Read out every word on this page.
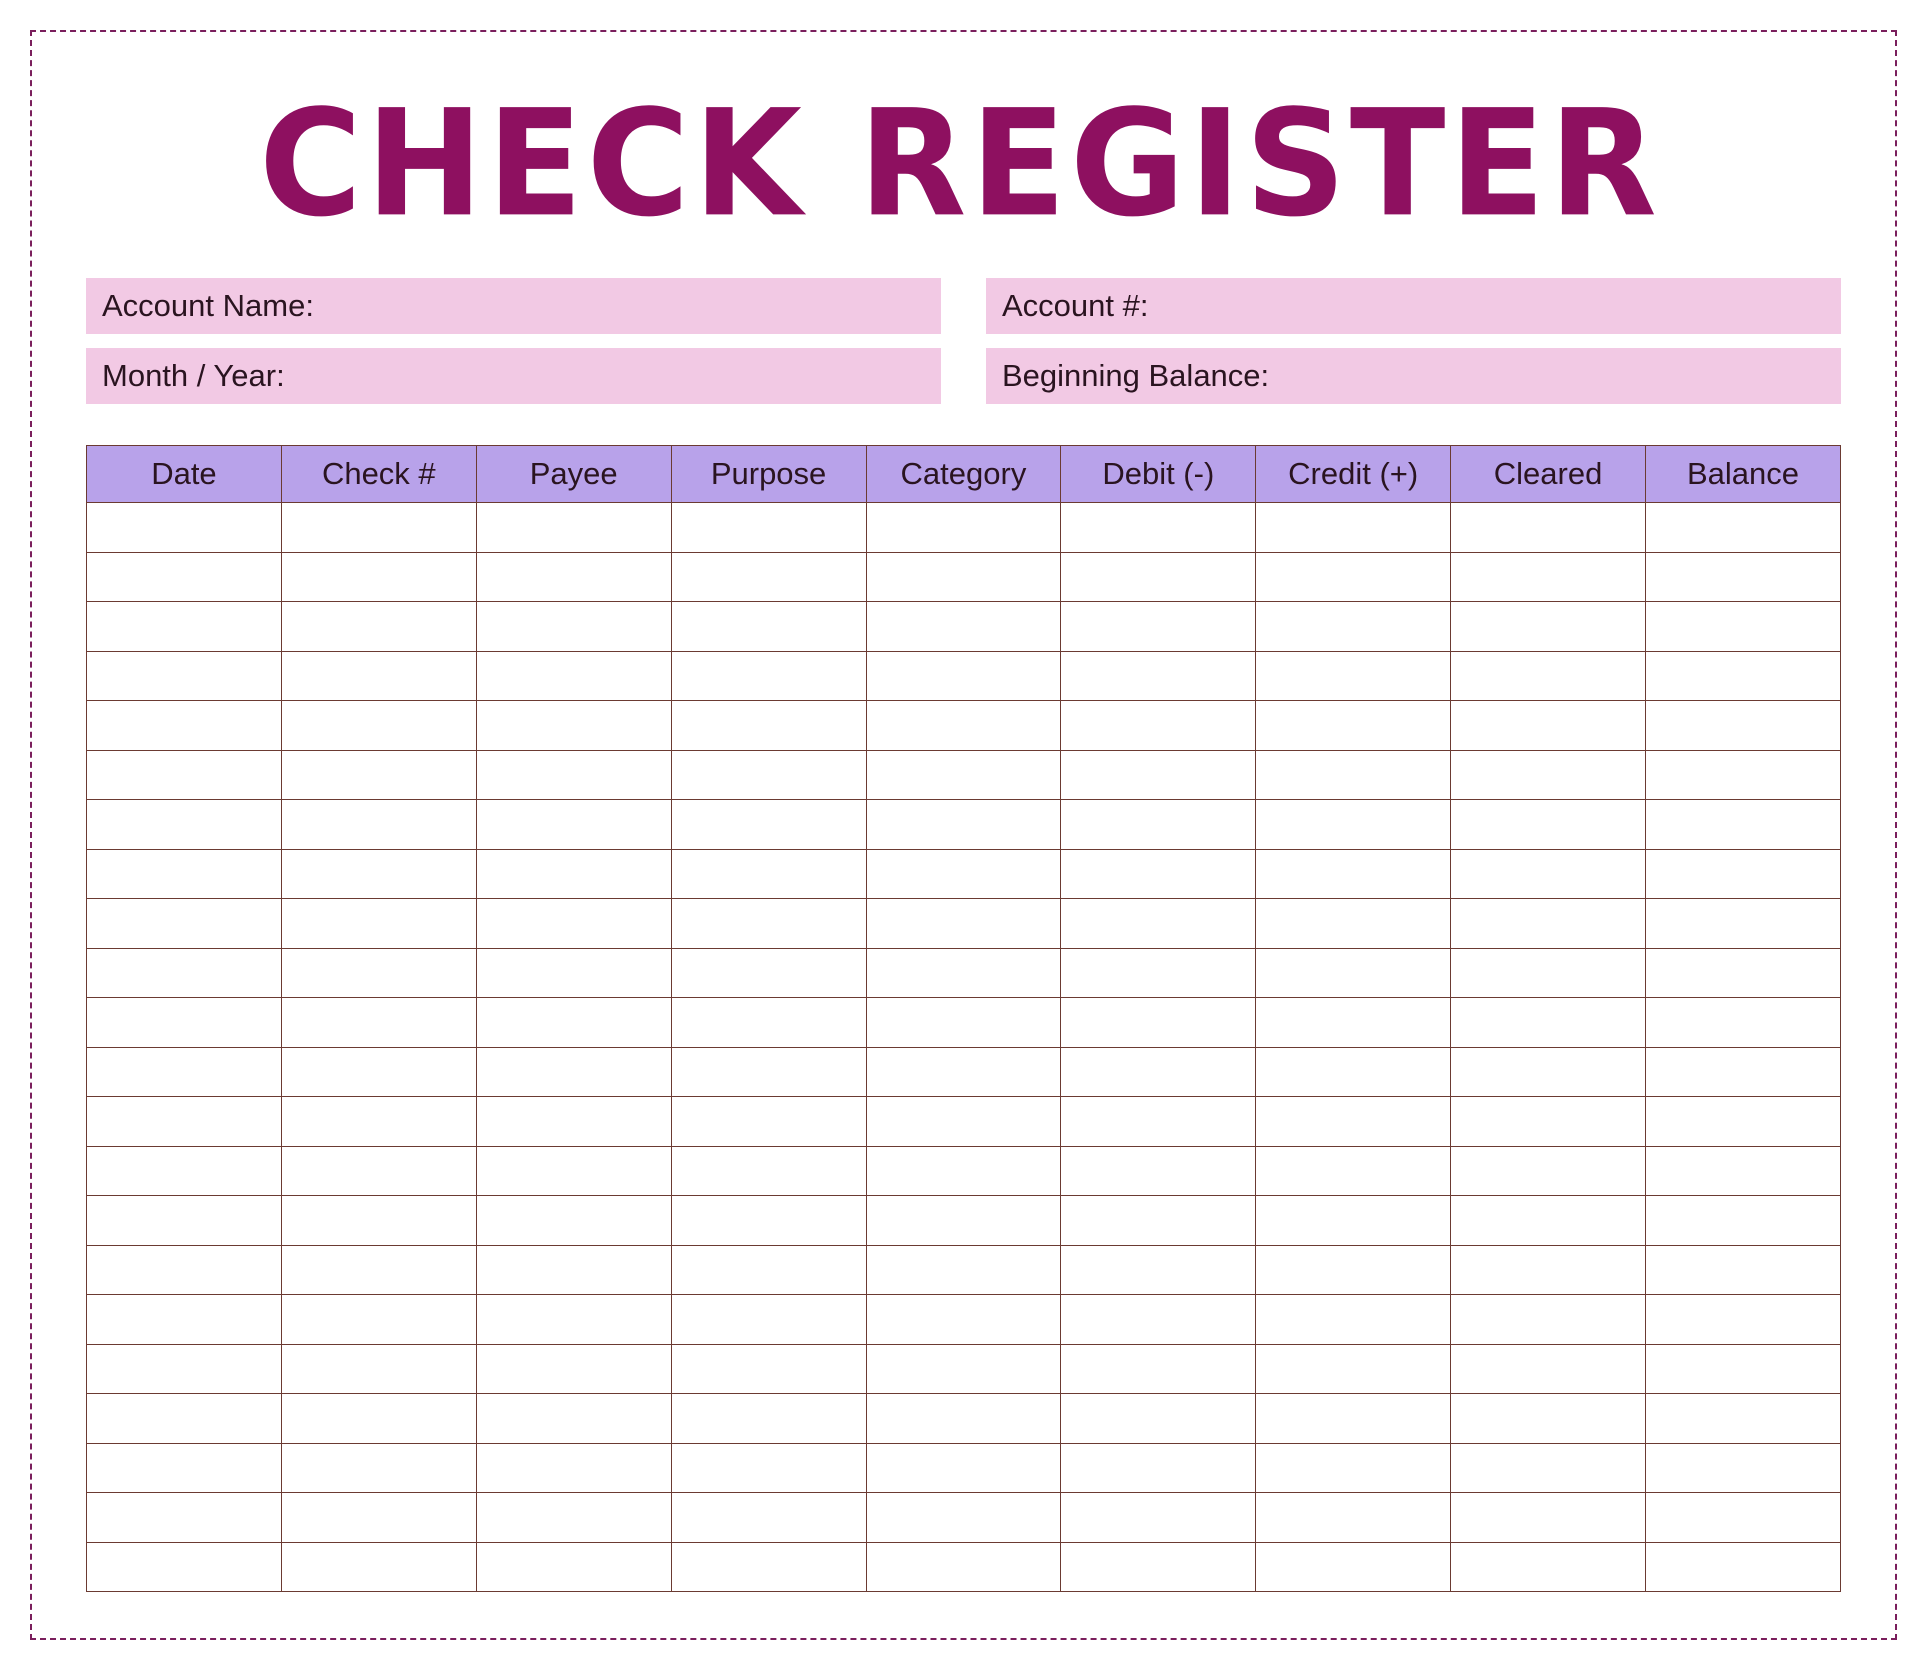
CHECK REGISTER
Account Name:	Account #:
Month / Year:	Beginning Balance:
Date	Check #	Payee	Purpose	Category	Debit (-)	Credit (+)	Cleared	Balance
